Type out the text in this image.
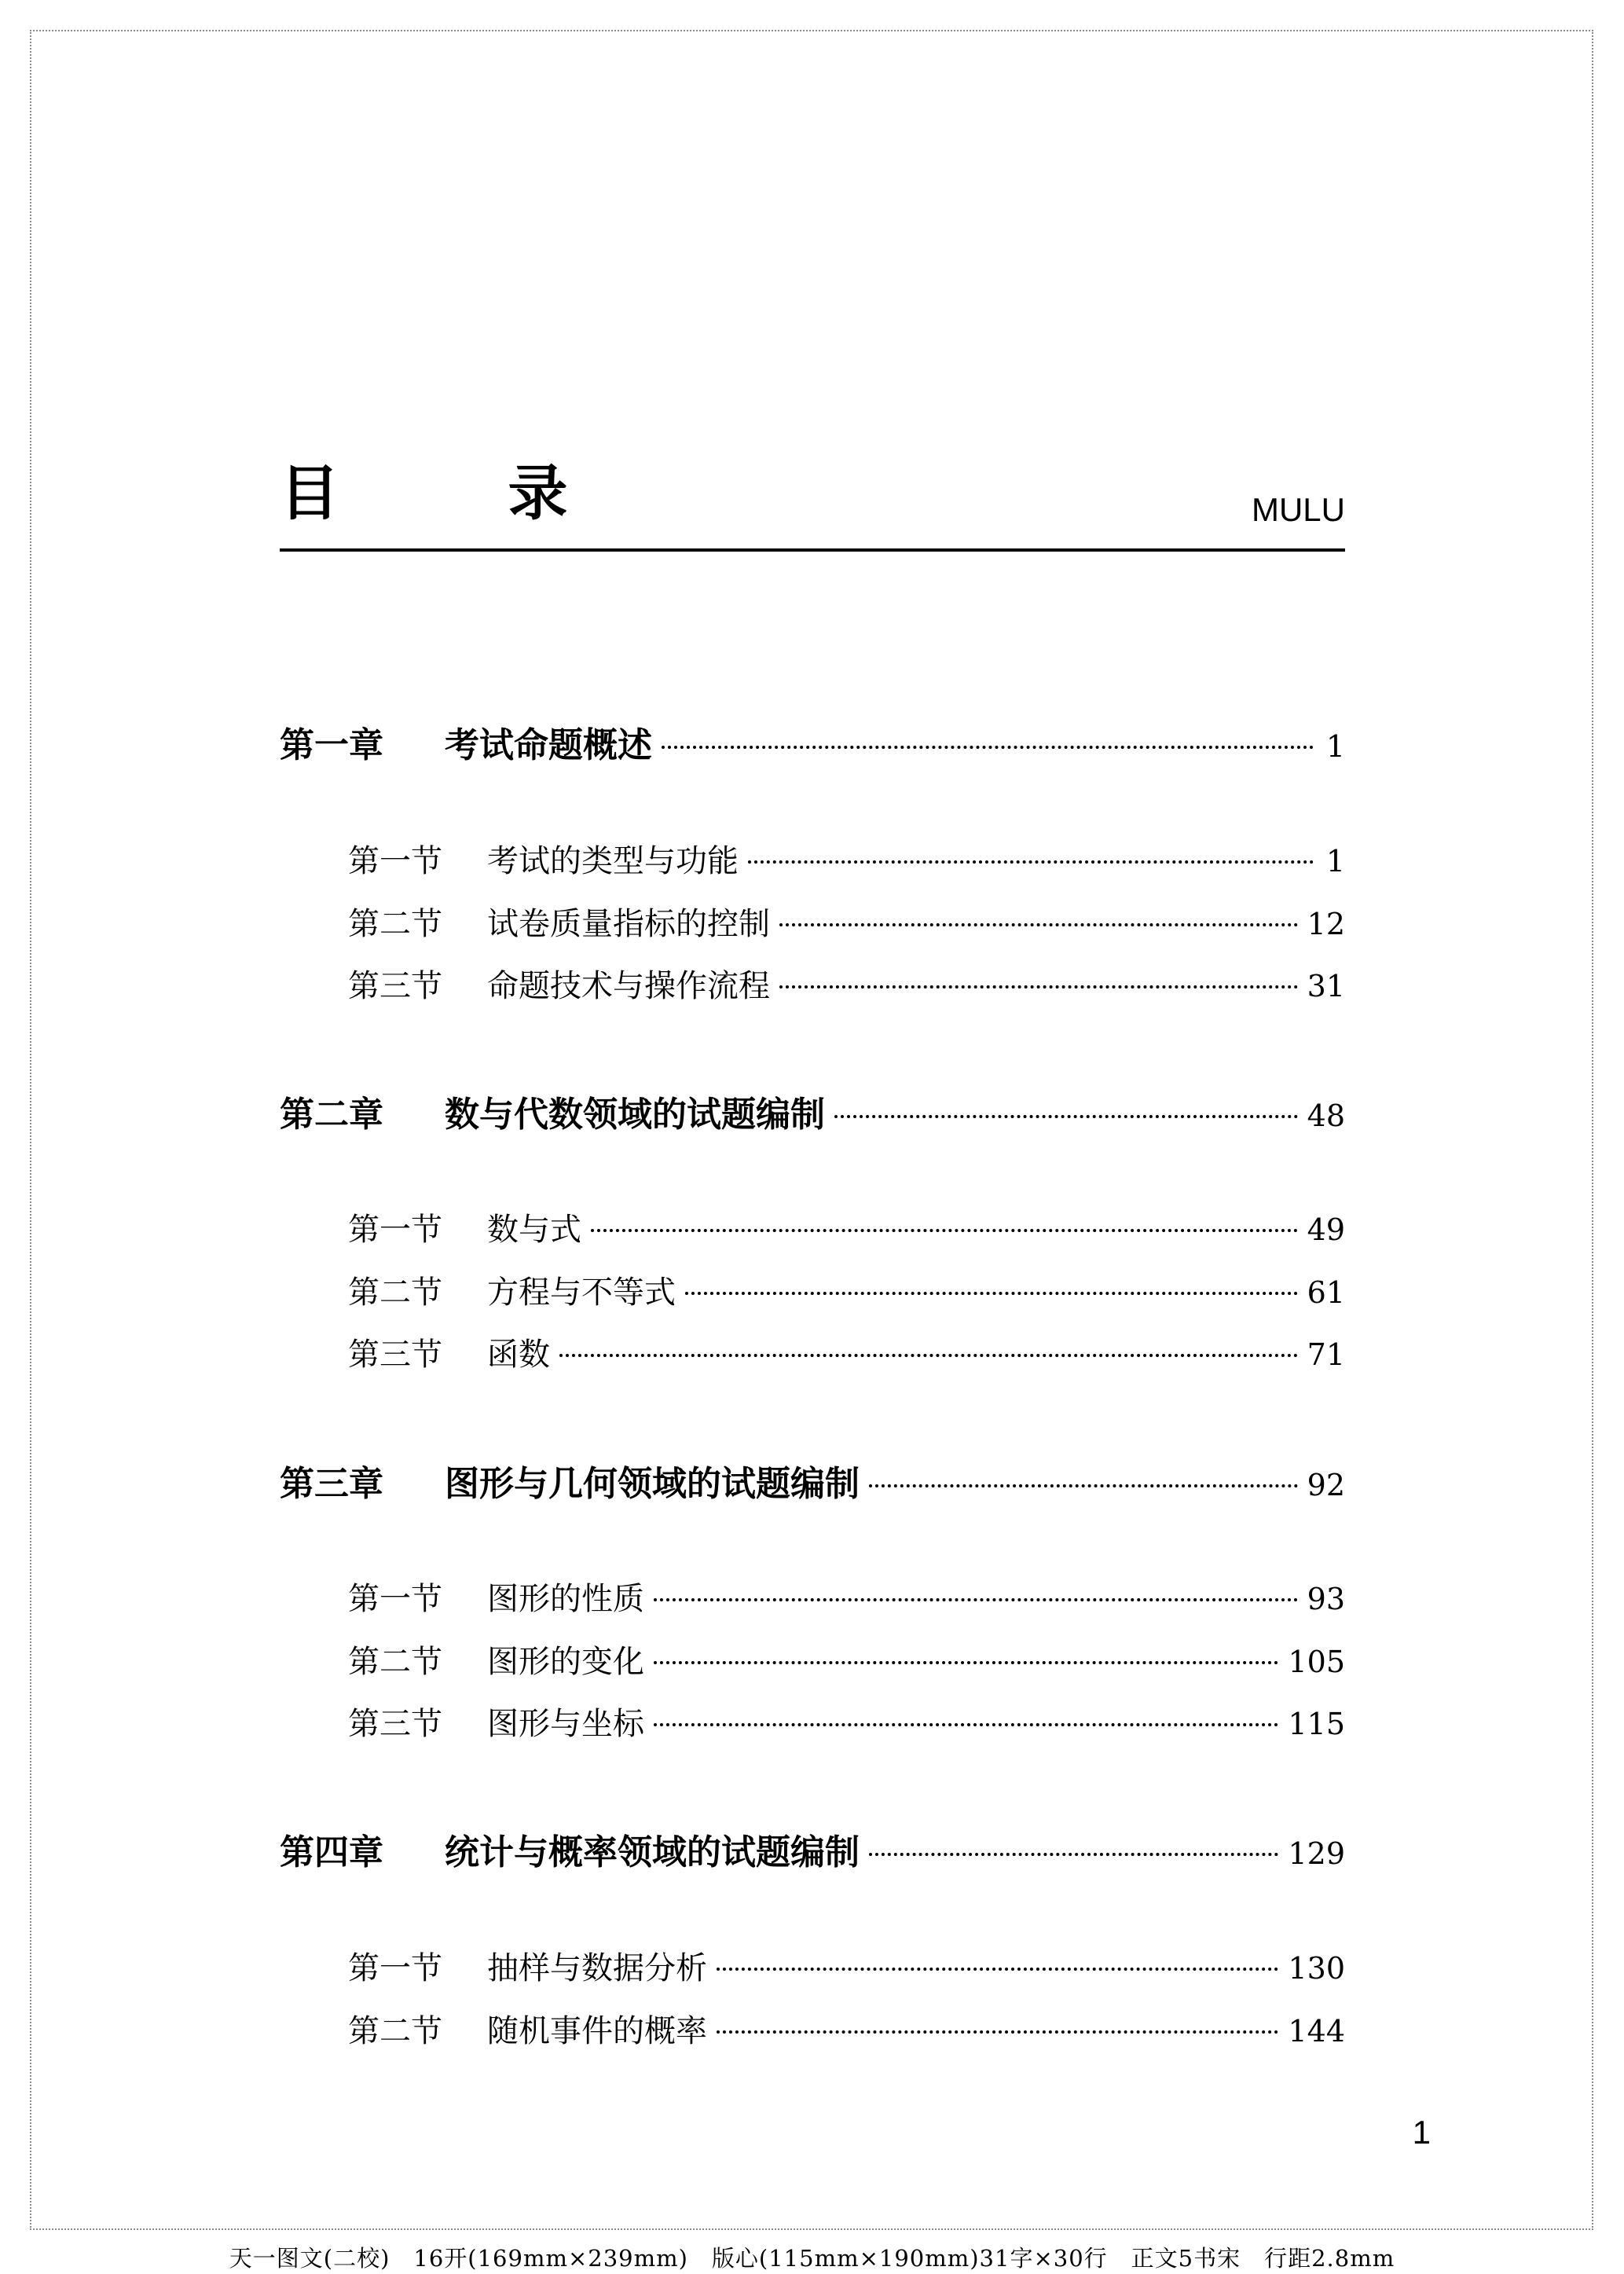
目 录	MULU
第一章	考试命题概述	1
第一节	考试的类型与功能	1
第二节	试卷质量指标的控制	12
第三节	命题技术与操作流程	31
第二章	数与代数领域的试题编制	48
第一节	数与式	49
第二节	方程与不等式	61
第三节	函数	71
第三章	图形与几何领域的试题编制	92
第一节	图形的性质	93
第二节	图形的变化	105
第三节	图形与坐标	115
第四章	统计与概率领域的试题编制	129
第一节	抽样与数据分析	130
第二节	随机事件的概率	144
1
天一图文(二校)　16开(169mm×239mm)　版心(115mm×190mm)31字×30行　正文5书宋　行距2.8mm
